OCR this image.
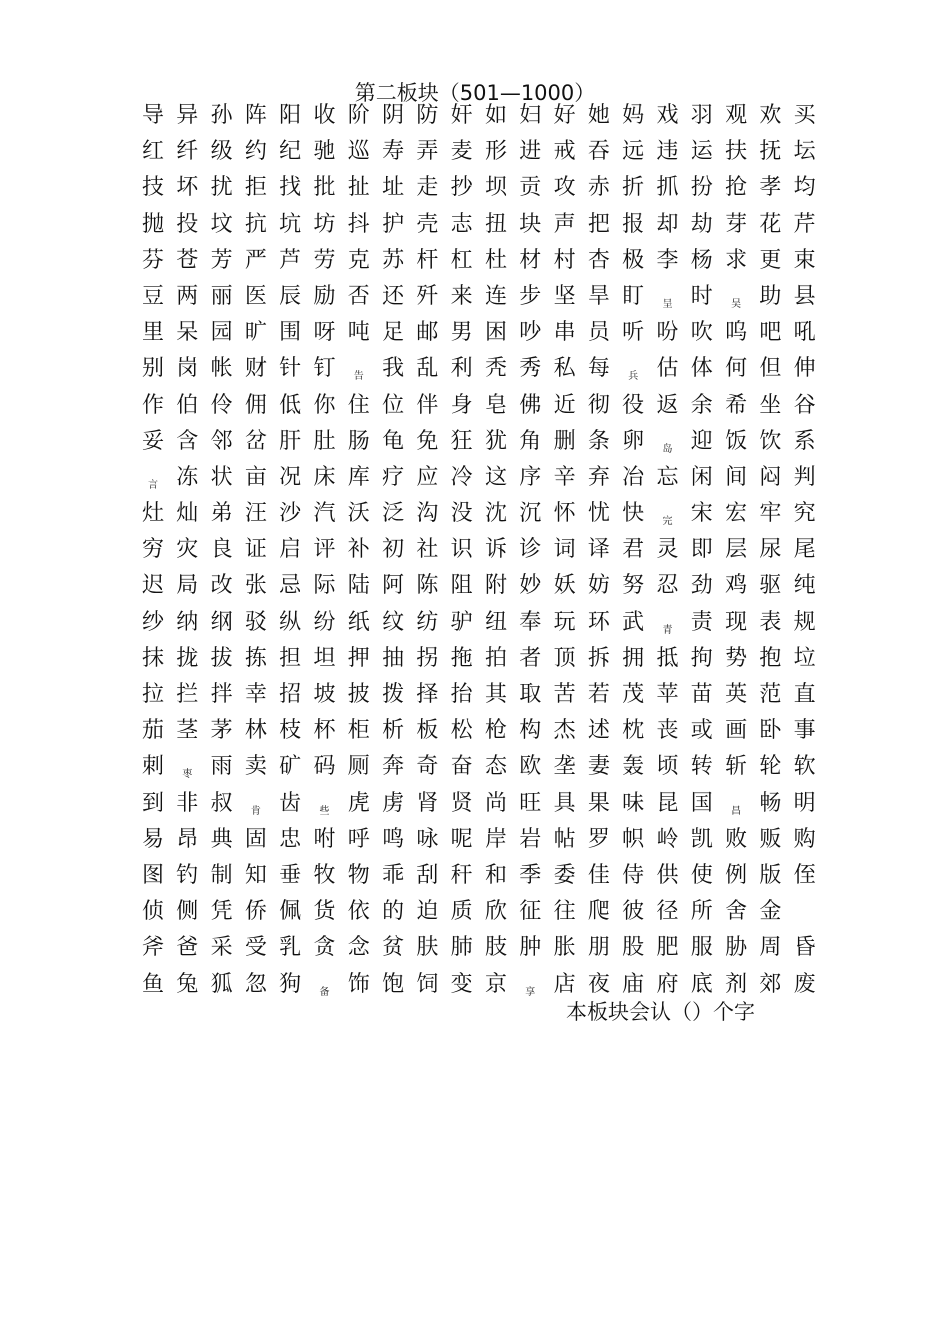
第二板块（501—1000）
导 异 孙 阵 阳 收 阶 阴 防 奸 如 妇 好 她 妈 戏 羽 观 欢 买
红 纤 级 约 纪 驰 巡 寿 弄 麦 形 进 戒 吞 远 违 运 扶 抚 坛
技 坏 扰 拒 找 批 扯 址 走 抄 坝 贡 攻 赤 折 抓 扮 抢 孝 均
抛 投 坟 抗 坑 坊 抖 护 壳 志 扭 块 声 把 报 却 劫 芽 花 芹
芬 苍 芳 严 芦 劳 克 苏 杆 杠 杜 材 村 杏 极 李 杨 求 更 束
豆 两 丽 医 辰 励 否 还 歼 来 连 步 坚 旱 盯	呈 时	吴 助 县
里 呆 园 旷 围 呀 吨 足 邮 男 困 吵 串 员 听 吩 吹 呜 吧 吼
别 岗 帐 财 针 钉	告 我 乱 利 秃 秀 私 每	兵 估 体 何 但 伸
作 伯 伶 佣 低 你 住 位 伴 身 皂 佛 近 彻 役 返 余 希 坐 谷
妥 含 邻 岔 肝 肚 肠 龟 免 狂 犹 角 删 条 卵	岛 迎 饭 饮 系
言 冻 状 亩 况 床 库 疗 应 冷 这 序 辛 弃 冶 忘 闲 间 闷 判
灶 灿 弟 汪 沙 汽 沃 泛 沟 没 沈 沉 怀 忧 快	完 宋 宏 牢 究
穷 灾 良 证 启 评 补 初 社 识 诉 诊 词 译 君 灵 即 层 尿 尾
迟 局 改 张 忌 际 陆 阿 陈 阻 附 妙 妖 妨 努 忍 劲 鸡 驱 纯
纱 纳 纲 驳 纵 纷 纸 纹 纺 驴 纽 奉 玩 环 武	青 责 现 表 规
抹 拢 拔 拣 担 坦 押 抽 拐 拖 拍 者 顶 拆 拥 抵 拘 势 抱 垃
拉 拦 拌 幸 招 坡 披 拨 择 抬 其 取 苦 若 茂 苹 苗 英 范 直
茄 茎 茅 林 枝 杯 柜 析 板 松 枪 构 杰 述 枕 丧 或 画 卧 事
刺	枣 雨 卖 矿 码 厕 奔 奇 奋 态 欧 垄 妻 轰 顷 转 斩 轮 软
到 非 叔	肯 齿	些 虎 虏 肾 贤 尚 旺 具 果 味 昆 国	昌 畅 明
易 昂 典 固 忠 咐 呼 鸣 咏 呢 岸 岩 帖 罗 帜 岭 凯 败 贩 购
图 钓 制 知 垂 牧 物 乖 刮 秆 和 季 委 佳 侍 供 使 例 版 侄
侦 侧 凭 侨 佩 货 依 的 迫 质 欣 征 往 爬 彼 径 所 舍 金
斧 爸 采 受 乳 贪 念 贫 肤 肺 肢 肿 胀 朋 股 肥 服 胁 周 昏
鱼 兔 狐 忽 狗	备 饰 饱 饲 变 京	享 店 夜 庙 府 底 剂 郊 废
本板块会认（）个字
